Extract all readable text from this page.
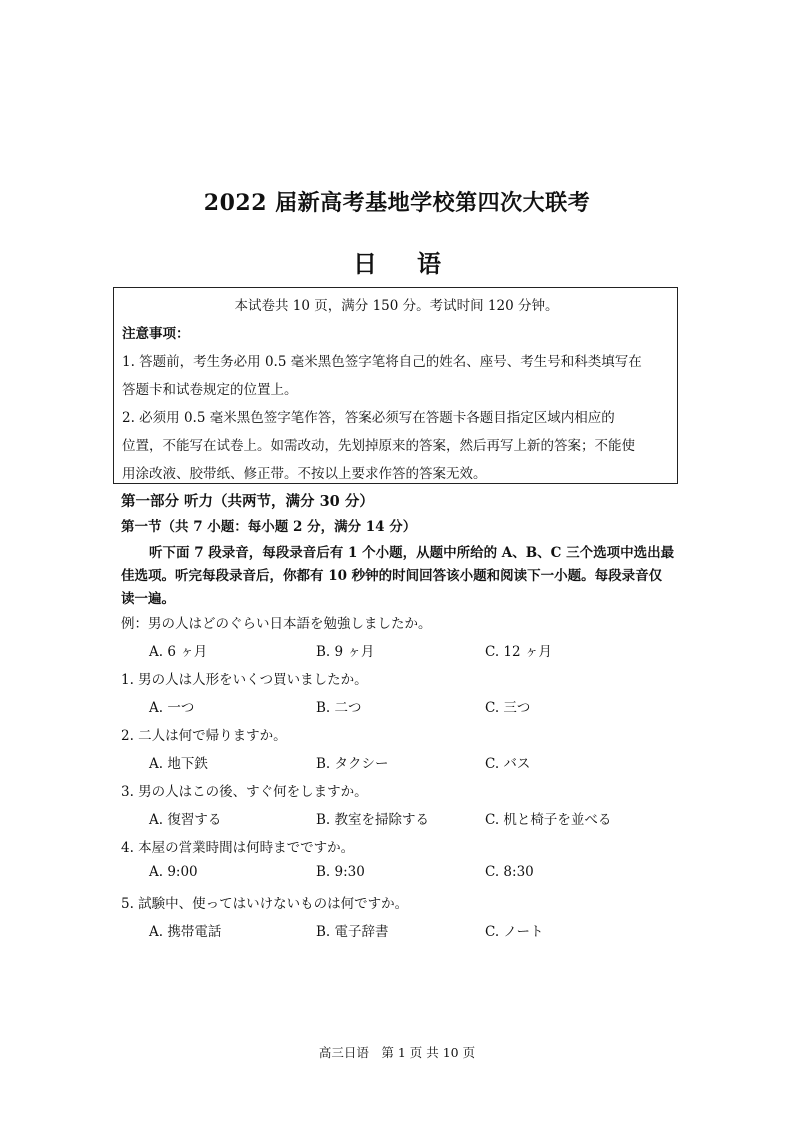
2022 届新高考基地学校第四次大联考
日语
本试卷共 10 页，满分 150 分。考试时间 120 分钟。
注意事项：
1. 答题前，考生务必用 0.5 毫米黑色签字笔将自己的姓名、座号、考生号和科类填写在
答题卡和试卷规定的位置上。
2. 必须用 0.5 毫米黑色签字笔作答，答案必须写在答题卡各题目指定区域内相应的
位置，不能写在试卷上。如需改动，先划掉原来的答案，然后再写上新的答案；不能使
用涂改液、胶带纸、修正带。不按以上要求作答的答案无效。
第一部分 听力（共两节，满分 30 分）
第一节（共 7 小题：每小题 2 分，满分 14 分）
听下面 7 段录音，每段录音后有 1 个小题，从题中所给的 A、B、C 三个选项中选出最
佳选项。听完每段录音后，你都有 10 秒钟的时间回答该小题和阅读下一小题。每段录音仅
读一遍。
例：男の人はどのぐらい日本語を勉強しましたか。
A. 6 ヶ月	B. 9 ヶ月	C. 12 ヶ月
1. 男の人は人形をいくつ買いましたか。
A. 一つ	B. 二つ	C. 三つ
2. 二人は何で帰りますか。
A. 地下鉄	B. タクシー	C. バス
3. 男の人はこの後、すぐ何をしますか。
A. 復習する	B. 教室を掃除する	C. 机と椅子を並べる
4. 本屋の営業時間は何時までですか。
A. 9:00	B. 9:30	C. 8:30
5. 試験中、使ってはいけないものは何ですか。
A. 携帯電話	B. 電子辞書	C. ノート
高三日语　第 1 页 共 10 页
